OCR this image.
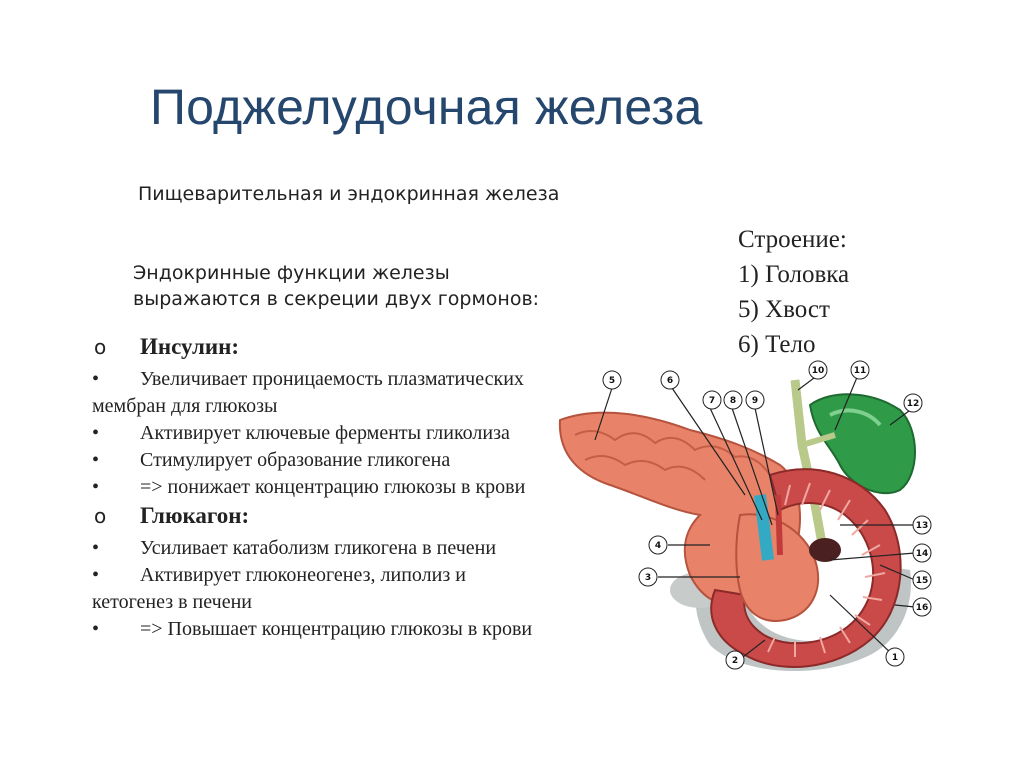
Поджелудочная железа
Пищеварительная и эндокринная железа
Эндокринные функции железы
выражаются в секреции двух гормонов:
Строение:
1) Головка
5) Хвост
6) Тело
1
2
3
4
5	6
7 8 9
10	11
12
13
14
15
16
o Инсулин:
• Увеличивает проницаемость плазматических
мембран для глюкозы
• Активирует ключевые ферменты гликолиза
• Стимулирует образование гликогена
• => понижает концентрацию глюкозы в крови
o Глюкагон:
• Усиливает катаболизм гликогена в печени
• Активирует глюконеогенез, липолиз и
кетогенез в печени
• => Повышает концентрацию глюкозы в крови
